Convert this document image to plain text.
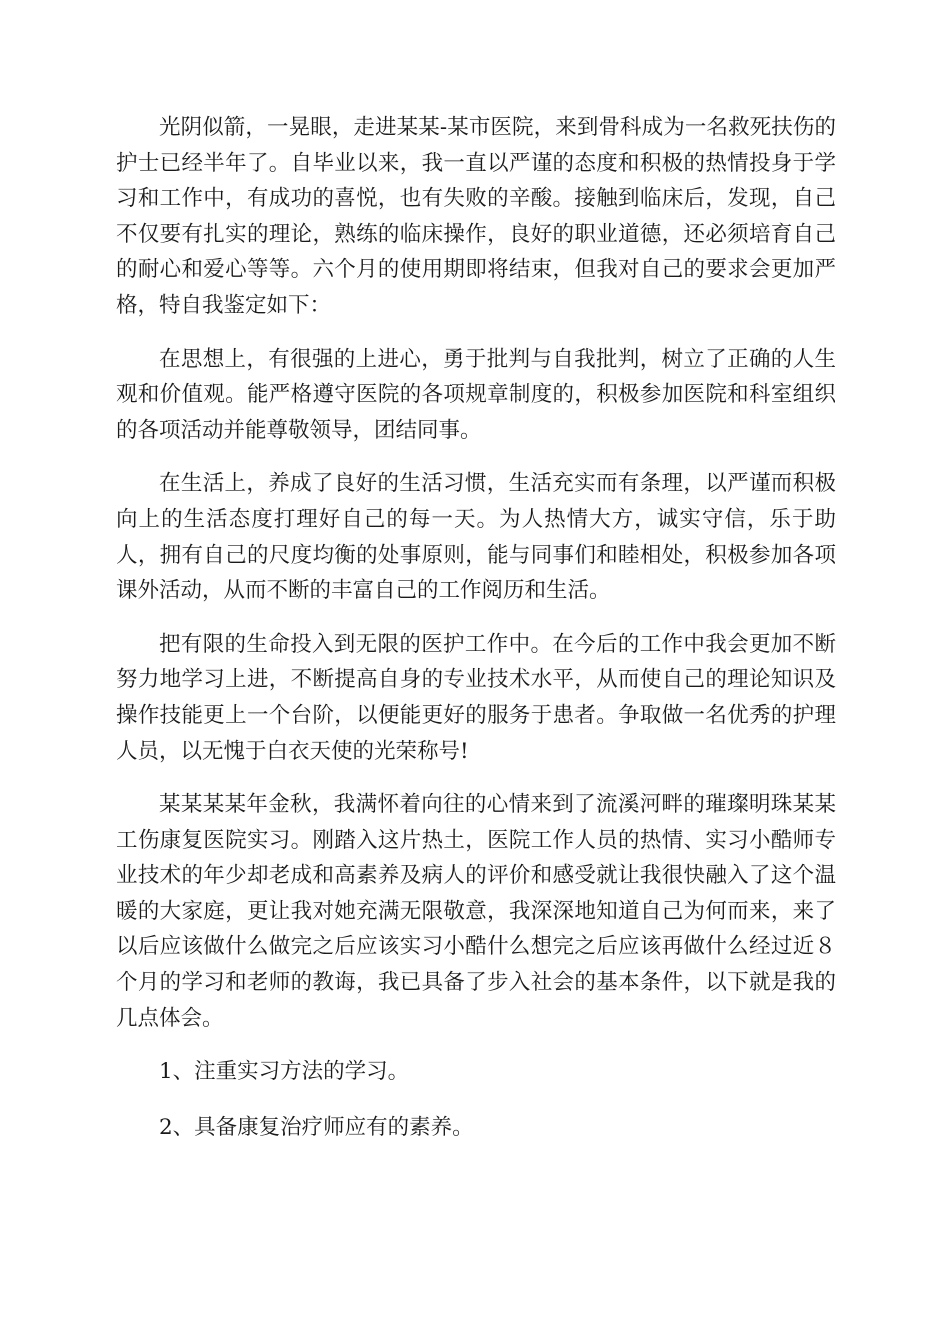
光阴似箭，一晃眼，走进某某-某市医院，来到骨科成为一名救死扶伤的护士已经半年了。自毕业以来，我一直以严谨的态度和积极的热情投身于学习和工作中，有成功的喜悦，也有失败的辛酸。接触到临床后，发现，自己不仅要有扎实的理论，熟练的临床操作，良好的职业道德，还必须培育自己的耐心和爱心等等。六个月的使用期即将结束，但我对自己的要求会更加严格，特自我鉴定如下：

在思想上，有很强的上进心，勇于批判与自我批判，树立了正确的人生观和价值观。能严格遵守医院的各项规章制度的，积极参加医院和科室组织的各项活动并能尊敬领导，团结同事。

在生活上，养成了良好的生活习惯，生活充实而有条理，以严谨而积极向上的生活态度打理好自己的每一天。为人热情大方，诚实守信，乐于助人，拥有自己的尺度均衡的处事原则，能与同事们和睦相处，积极参加各项课外活动，从而不断的丰富自己的工作阅历和生活。

把有限的生命投入到无限的医护工作中。在今后的工作中我会更加不断努力地学习上进，不断提高自身的专业技术水平，从而使自己的理论知识及操作技能更上一个台阶，以便能更好的服务于患者。争取做一名优秀的护理人员，以无愧于白衣天使的光荣称号!

某某某某年金秋，我满怀着向往的心情来到了流溪河畔的璀璨明珠某某工伤康复医院实习。刚踏入这片热土，医院工作人员的热情、实习小酷师专业技术的年少却老成和高素养及病人的评价和感受就让我很快融入了这个温暖的大家庭，更让我对她充满无限敬意，我深深地知道自己为何而来，来了以后应该做什么做完之后应该实习小酷什么想完之后应该再做什么经过近８个月的学习和老师的教诲，我已具备了步入社会的基本条件，以下就是我的几点体会。

1、注重实习方法的学习。

2、具备康复治疗师应有的素养。
